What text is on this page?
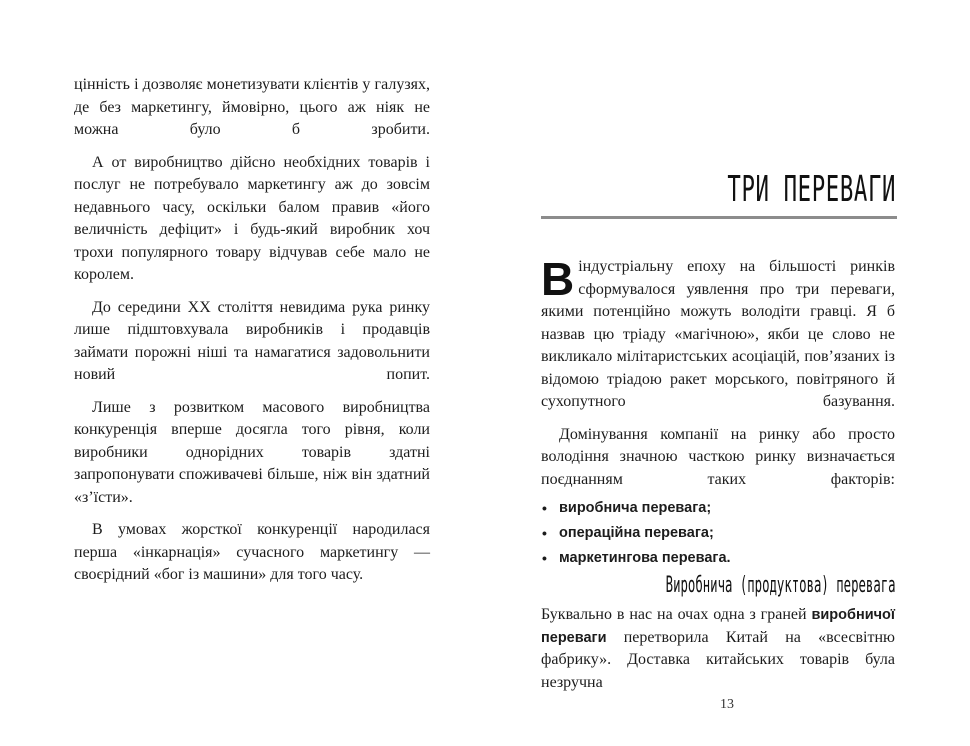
цінність і дозволяє монетизувати клієнтів у галузях, де без маркетингу, ймовірно, цього аж ніяк не можна було б зробити.

А от виробництво дійсно необхідних товарів і послуг не потребувало маркетингу аж до зовсім недавнього часу, оскільки балом правив «його величність дефіцит» і будь-який виробник хоч трохи популярного товару відчував себе мало не королем.

До середини XX століття невидима рука ринку лише підштовхувала виробників і продавців займати порожні ніші та намагатися задовольнити новий попит.

Лише з розвитком масового виробництва конкуренція вперше досягла того рівня, коли виробники однорідних товарів здатні запропонувати споживачеві більше, ніж він здатний «з’їсти».

В умовах жорсткої конкуренції народилася перша «інкарнація» сучасного маркетингу — своєрідний «бог із машини» для того часу.

ТРИ ПЕРЕВАГИ

Віндустріальну епоху на більшості ринків сформувалося уявлення про три переваги, якими потенційно можуть володіти гравці. Я б назвав цю тріаду «магічною», якби це слово не викликало мілітаристських асоціацій, пов’язаних із відомою тріадою ракет морського, повітряного й сухопутного базування.

Домінування компанії на ринку або просто володіння значною часткою ринку визначається поєднанням таких факторів:

• виробнича перевага;
• операційна перевага;
• маркетингова перевага.
Виробнича (продуктова) перевага

Буквально в нас на очах одна з граней виробничої переваги перетворила Китай на «всесвітню фабрику». Доставка китайських товарів була незручна

13
